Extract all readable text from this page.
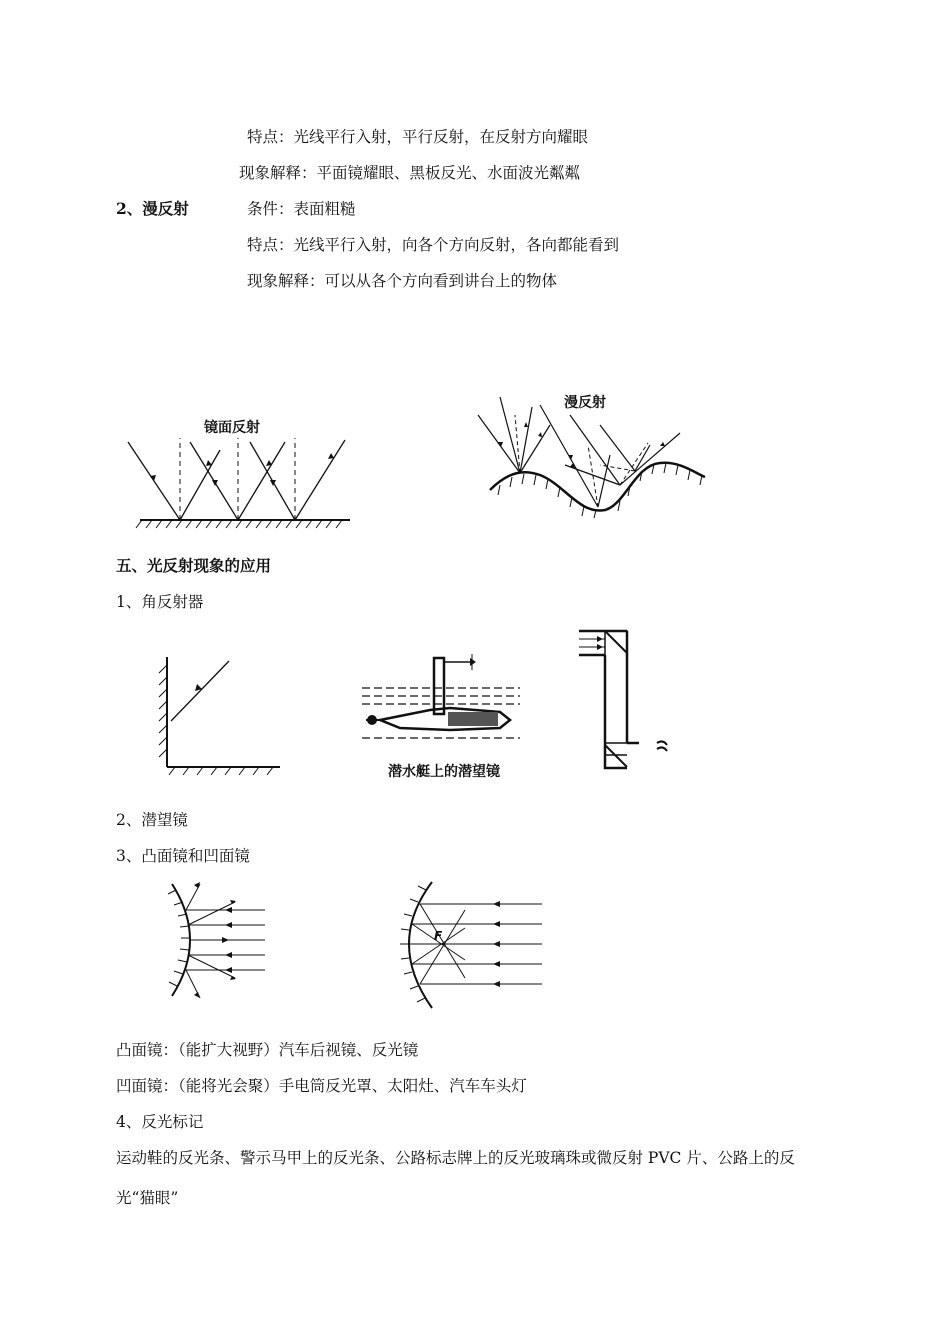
特点：光线平行入射，平行反射，在反射方向耀眼
现象解释：平面镜耀眼、黑板反光、水面波光粼粼
2、漫反射	条件：表面粗糙
特点：光线平行入射，向各个方向反射，各向都能看到
现象解释：可以从各个方向看到讲台上的物体
镜面反射
漫反射
五、光反射现象的应用
1、角反射器
潜水艇上的潜望镜
2、潜望镜
3、凸面镜和凹面镜
F
凸面镜：（能扩大视野）汽车后视镜、反光镜
凹面镜：（能将光会聚）手电筒反光罩、太阳灶、汽车车头灯
4、反光标记
运动鞋的反光条、警示马甲上的反光条、公路标志牌上的反光玻璃珠或微反射 PVC 片、公路上的反
光“猫眼”
